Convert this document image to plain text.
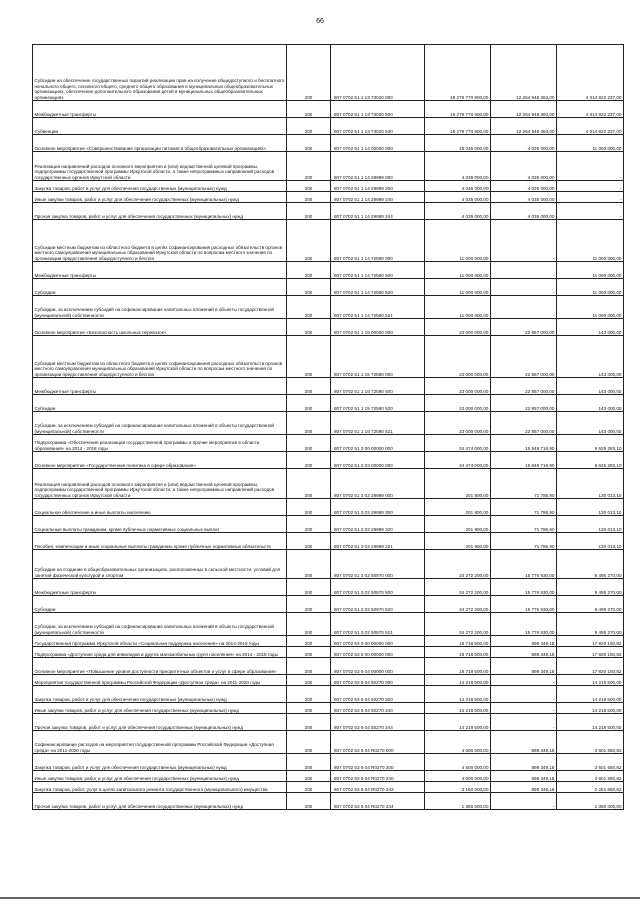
66
Субсидии на обеспечение государственных гарантий реализации прав на получение общедоступного и бесплатного начального общего, основного общего, среднего общего образования в муниципальных общеобразовательных организациях, обеспечение дополнительного образования детей в муниципальных общеобразовательных организациях	200	807 0702 51 1 13 73020 000	16 279 770 600,00	12 264 948 363,00	4 014 822 237,00
Межбюджетные трансферты	200	807 0702 51 1 13 73020 500	16 279 770 600,00	12 264 948 363,00	4 014 822 237,00
Субвенции	200	807 0702 51 1 13 73020 530	16 279 770 600,00	12 264 948 363,00	4 014 822 237,00
Основное мероприятие «Совершенствование организации питания в общеобразовательных организациях»	200	807 0702 51 1 14 00000 000	15 035 000,00	4 035 000,00	11 000 000,00
Реализация направлений расходов основного мероприятия и (или) ведомственной целевой программы, подпрограммы государственной программы Иркутской области, а также непрограммных направлений расходов государственных органов Иркутской области	200	807 0702 51 1 14 29999 000	4 035 000,00	4 035 000,00	-
Закупка товаров, работ и услуг для обеспечения государственных (муниципальных) нужд	200	807 0702 51 1 14 29999 200	4 035 000,00	4 035 000,00	-
Иные закупки товаров, работ и услуг для обеспечения государственных (муниципальных) нужд	200	807 0702 51 1 14 29999 240	4 035 000,00	4 035 000,00	-
Прочая закупка товаров, работ и услуг для обеспечения государственных (муниципальных) нужд	200	807 0702 51 1 14 29999 244	4 035 000,00	4 035 000,00	-
Субсидии местным бюджетам из областного бюджета в целях софинансирования расходных обязательств органов местного самоуправления муниципальных образований Иркутской области по вопросам местного значения по организации предоставления общедоступного и беспла	200	807 0702 51 1 14 72580 000	11 000 000,00	-	11 000 000,00
Межбюджетные трансферты	200	807 0702 51 1 14 72580 500	11 000 000,00	-	11 000 000,00
Субсидии	200	807 0702 51 1 14 72580 520	11 000 000,00	-	11 000 000,00
Субсидии, за исключением субсидий на софинансирование капитальных вложений в объекты государственной (муниципальной) собственности	200	807 0702 51 1 14 72580 521	11 000 000,00	-	11 000 000,00
Основное мероприятие «Безопасность школьных перевозок»	200	807 0702 51 1 15 00000 000	23 000 000,00	22 857 000,00	143 000,00
Субсидии местным бюджетам из областного бюджета в целях софинансирования расходных обязательств органов местного самоуправления муниципальных образований Иркутской области по вопросам местного значения по организации предоставления общедоступного и беспла	200	807 0702 51 1 15 72590 000	23 000 000,00	22 857 000,00	143 000,00
Межбюджетные трансферты	200	807 0702 51 1 15 72590 500	23 000 000,00	22 857 000,00	143 000,00
Субсидии	200	807 0702 51 1 15 72590 520	23 000 000,00	22 857 000,00	143 000,00
Субсидии, за исключением субсидий на софинансирование капитальных вложений в объекты государственной (муниципальной) собственности	200	807 0702 51 1 15 72590 521	23 000 000,00	22 857 000,00	143 000,00
Подпрограмма «Обеспечение реализации государственной программы и прочие мероприятия в области образования» на 2014 - 2018 годы	200	807 0702 51 3 00 00000 000	24 474 000,00	15 848 716,90	8 625 283,10
Основное мероприятие «Государственная политика в сфере образования»	200	807 0702 51 3 02 00000 000	24 474 000,00	15 848 716,90	8 625 283,10
Реализация направлений расходов основного мероприятия и (или) ведомственной целевой программы, подпрограммы государственной программы Иркутской области, а также непрограммных направлений расходов государственных органов Иркутской области	200	807 0702 51 3 02 29999 000	201 800,00	71 786,90	130 013,10
Социальное обеспечение и иные выплаты населению	200	807 0702 51 3 02 29999 300	201 800,00	71 786,90	130 013,10
Социальные выплаты гражданам, кроме публичных нормативных социальных выплат	200	807 0702 51 3 02 29999 320	201 800,00	71 786,90	130 013,10
Пособия, компенсации и иные социальные выплаты гражданам, кроме публичных нормативных обязательств	200	807 0702 51 3 02 29999 321	201 800,00	71 786,90	130 013,10
Субсидии на создание в общеобразовательных организациях, расположенных в сельской местности, условий для занятий физической культурой и спортом	200	807 0702 51 3 02 50970 000	24 272 200,00	15 776 930,00	8 495 270,00
Межбюджетные трансферты	200	807 0702 51 3 02 50970 500	24 272 200,00	15 776 930,00	8 495 270,00
Субсидии	200	807 0702 51 3 02 50970 520	24 272 200,00	15 776 930,00	8 495 270,00
Субсидии, за исключением субсидий на софинансирование капитальных вложений в объекты государственной (муниципальной) собственности	200	807 0702 51 3 02 50970 521	24 272 200,00	15 776 930,00	8 495 270,00
Государственная программа Иркутской области «Социальная поддержка населения» на 2014-2018 годы	200	807 0702 53 0 00 00000 000	18 718 500,00	898 349,18	17 820 150,82
Подпрограмма «Доступная среда для инвалидов и других маломобильных групп населения» на 2014 - 2018 годы	200	807 0702 53 6 00 00000 000	18 718 500,00	898 349,18	17 820 150,82
Основное мероприятие «Повышение уровня доступности приоритетных объектов и услуг в сфере образования»	200	807 0702 53 6 04 00000 000	18 718 500,00	898 349,18	17 820 150,82
Мероприятия государственной программы Российской Федерации «Доступная среда» на 2011-2020 годы	200	807 0702 53 6 04 50270 000	14 218 500,00	-	14 218 500,00
Закупка товаров, работ и услуг для обеспечения государственных (муниципальных) нужд	200	807 0702 53 6 04 50270 200	14 218 500,00	-	14 218 500,00
Иные закупки товаров, работ и услуг для обеспечения государственных (муниципальных) нужд	200	807 0702 53 6 04 50270 240	14 218 500,00	-	14 218 500,00
Прочая закупка товаров, работ и услуг для обеспечения государственных (муниципальных) нужд	200	807 0702 53 6 04 50270 244	14 218 500,00	-	14 218 500,00
Софинансирование расходов на мероприятия государственной программы Российской Федерации «Доступная среда» на 2011-2020 годы	200	807 0702 53 6 04 R0270 000	4 500 000,00	898 349,18	3 601 650,82
Закупка товаров, работ и услуг для обеспечения государственных (муниципальных) нужд	200	807 0702 53 6 04 R0270 200	4 500 000,00	898 349,18	3 601 650,82
Иные закупки товаров, работ и услуг для обеспечения государственных (муниципальных) нужд	200	807 0702 53 6 04 R0270 240	4 500 000,00	898 349,18	3 601 650,82
Закупка товаров, работ, услуг в целях капитального ремонта государственного (муниципального) имущества	200	807 0702 53 6 04 R0270 243	3 150 000,00	898 349,18	2 251 650,82
Прочая закупка товаров, работ и услуг для обеспечения государственных (муниципальных) нужд	200	807 0702 53 6 04 R0270 244	1 350 000,00	-	1 350 000,00
